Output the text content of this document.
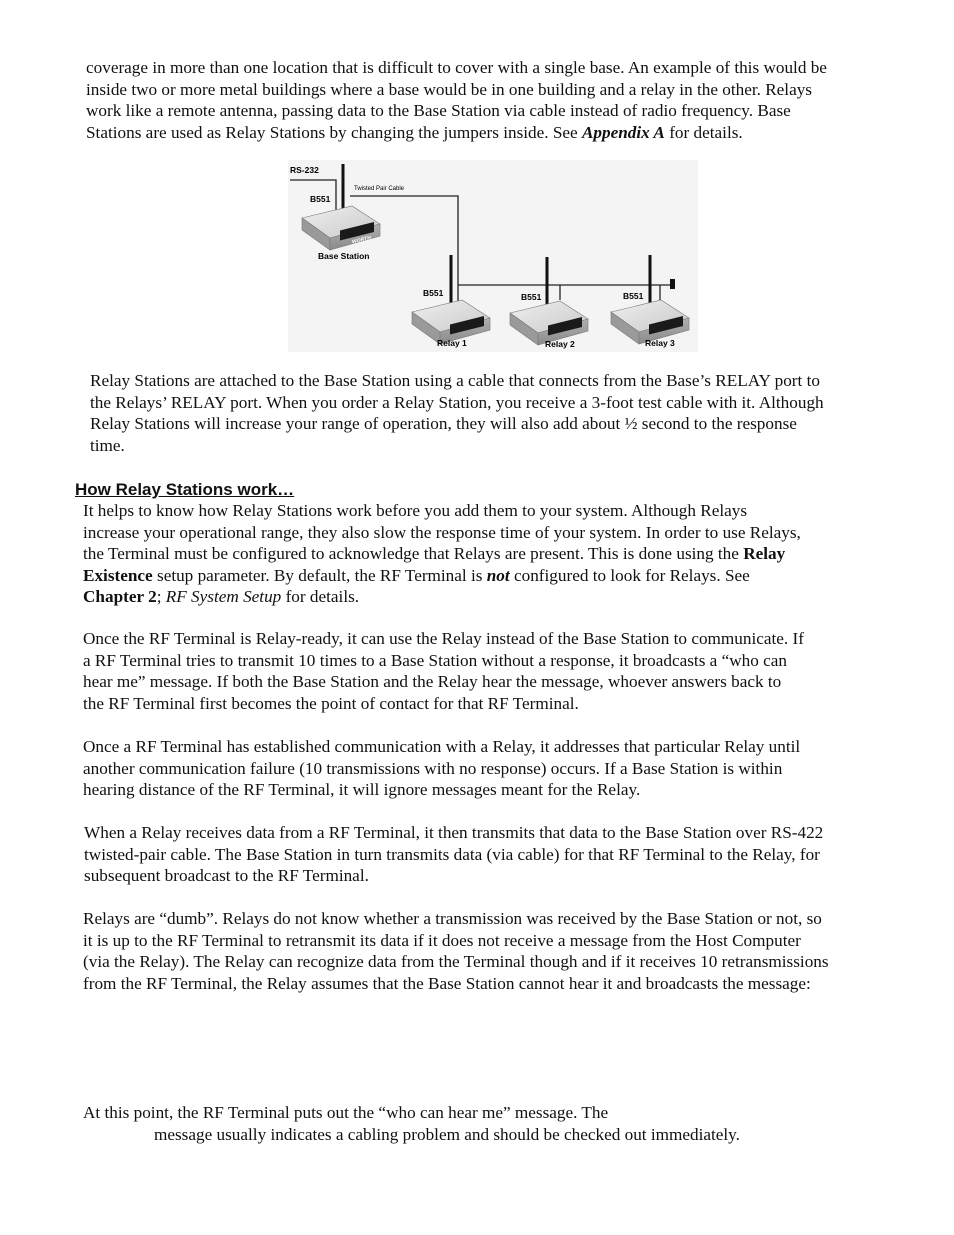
coverage in more than one location that is difficult to cover with a single base. An example of this would be
inside two or more metal buildings where a base would be in one building and a relay in the other. Relays
work like a remote antenna, passing data to the Base Station via cable instead of radio frequency. Base
Stations are used as Relay Stations by changing the jumpers inside. See Appendix A for details.
RS-232
Twisted Pair Cable
B551
WORTH
Base Station
B551
Relay 1
B551
Relay 2
B551
Relay 3
Relay Stations are attached to the Base Station using a cable that connects from the Base’s RELAY port to
the Relays’ RELAY port. When you order a Relay Station, you receive a 3-foot test cable with it. Although
Relay Stations will increase your range of operation, they will also add about ½ second to the response
time.
How Relay Stations work…
It helps to know how Relay Stations work before you add them to your system. Although Relays
increase your operational range, they also slow the response time of your system. In order to use Relays,
the Terminal must be configured to acknowledge that Relays are present. This is done using the Relay
Existence setup parameter. By default, the RF Terminal is not configured to look for Relays. See
Chapter 2; RF System Setup for details.
Once the RF Terminal is Relay-ready, it can use the Relay instead of the Base Station to communicate. If
a RF Terminal tries to transmit 10 times to a Base Station without a response, it broadcasts a “who can
hear me” message. If both the Base Station and the Relay hear the message, whoever answers back to
the RF Terminal first becomes the point of contact for that RF Terminal.
Once a RF Terminal has established communication with a Relay, it addresses that particular Relay until
another communication failure (10 transmissions with no response) occurs. If a Base Station is within
hearing distance of the RF Terminal, it will ignore messages meant for the Relay.
When a Relay receives data from a RF Terminal, it then transmits that data to the Base Station over RS-422
twisted-pair cable. The Base Station in turn transmits data (via cable) for that RF Terminal to the Relay, for
subsequent broadcast to the RF Terminal.
Relays are “dumb”. Relays do not know whether a transmission was received by the Base Station or not, so
it is up to the RF Terminal to retransmit its data if it does not receive a message from the Host Computer
(via the Relay). The Relay can recognize data from the Terminal though and if it receives 10 retransmissions
from the RF Terminal, the Relay assumes that the Base Station cannot hear it and broadcasts the message:
At this point, the RF Terminal puts out the “who can hear me” message. The
message usually indicates a cabling problem and should be checked out immediately.
